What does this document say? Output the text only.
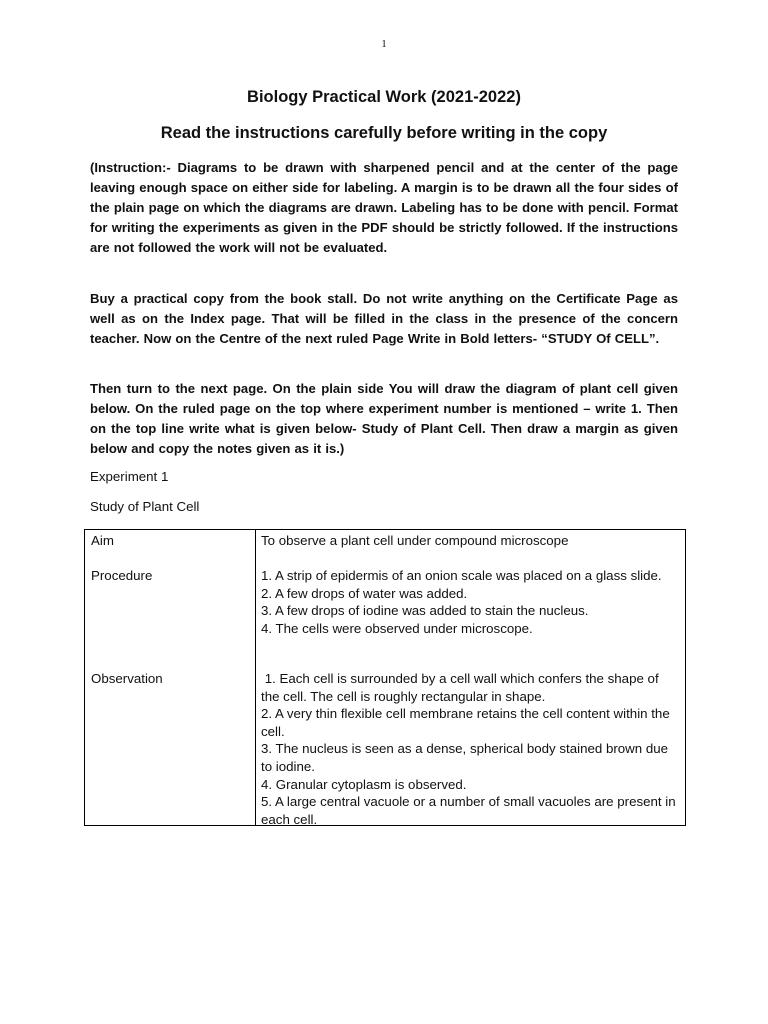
1
Biology Practical Work (2021-2022)
Read the instructions carefully before writing in the copy

(Instruction:- Diagrams to be drawn with sharpened pencil and at the center of the page leaving enough space on either side for labeling. A margin is to be drawn all the four sides of the plain page on which the diagrams are drawn. Labeling has to be done with pencil. Format for writing the experiments as given in the PDF should be strictly followed. If the instructions are not followed the work will not be evaluated.

Buy a practical copy from the book stall. Do not write anything on the Certificate Page as well as on the Index page. That will be filled in the class in the presence of the concern teacher. Now on the Centre of the next ruled Page Write in Bold letters- “STUDY Of CELL”.

Then turn to the next page. On the plain side You will draw the diagram of plant cell given below. On the ruled page on the top where experiment number is mentioned – write 1. Then on the top line write what is given below- Study of Plant Cell. Then draw a margin as given below and copy the notes given as it is.)

Experiment 1

Study of Plant Cell

Aim	To observe a plant cell under compound microscope

Procedure	1. A strip of epidermis of an onion scale was placed on a glass slide.
2. A few drops of water was added.
3. A few drops of iodine was added to stain the nucleus.
4. The cells were observed under microscope.

Observation	1. Each cell is surrounded by a cell wall which confers the shape of the cell. The cell is roughly rectangular in shape.
2. A very thin flexible cell membrane retains the cell content within the cell.
3. The nucleus is seen as a dense, spherical body stained brown due to iodine.
4. Granular cytoplasm is observed.
5. A large central vacuole or a number of small vacuoles are present in each cell.
